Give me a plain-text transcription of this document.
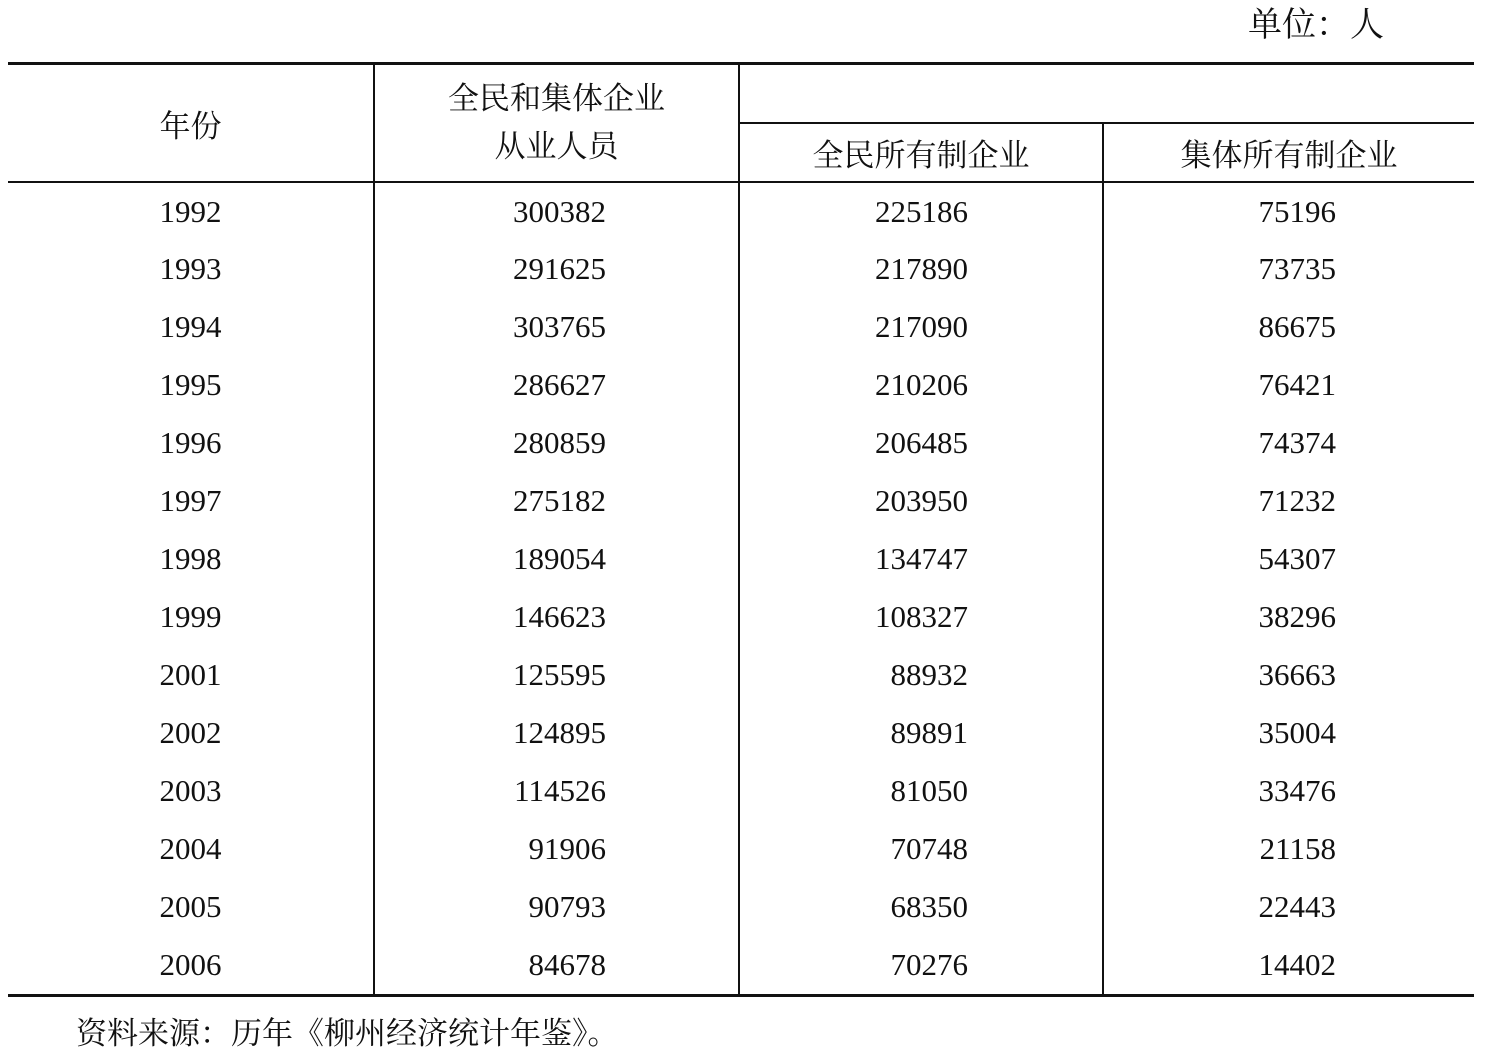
单位：人
年份	全民和集体企业
从业人员		
		全民所有制企业	集体所有制企业
1992	300382	225186	75196

1993	291625	217890	73735

1994	303765	217090	86675

1995	286627	210206	76421

1996	280859	206485	74374

1997	275182	203950	71232

1998	189054	134747	54307

1999	146623	108327	38296

2001	125595	88932	36663

2002	124895	89891	35004

2003	114526	81050	33476

2004	91906	70748	21158

2005	90793	68350	22443

2006	84678	70276	14402
资料来源：历年《柳州经济统计年鉴》。
